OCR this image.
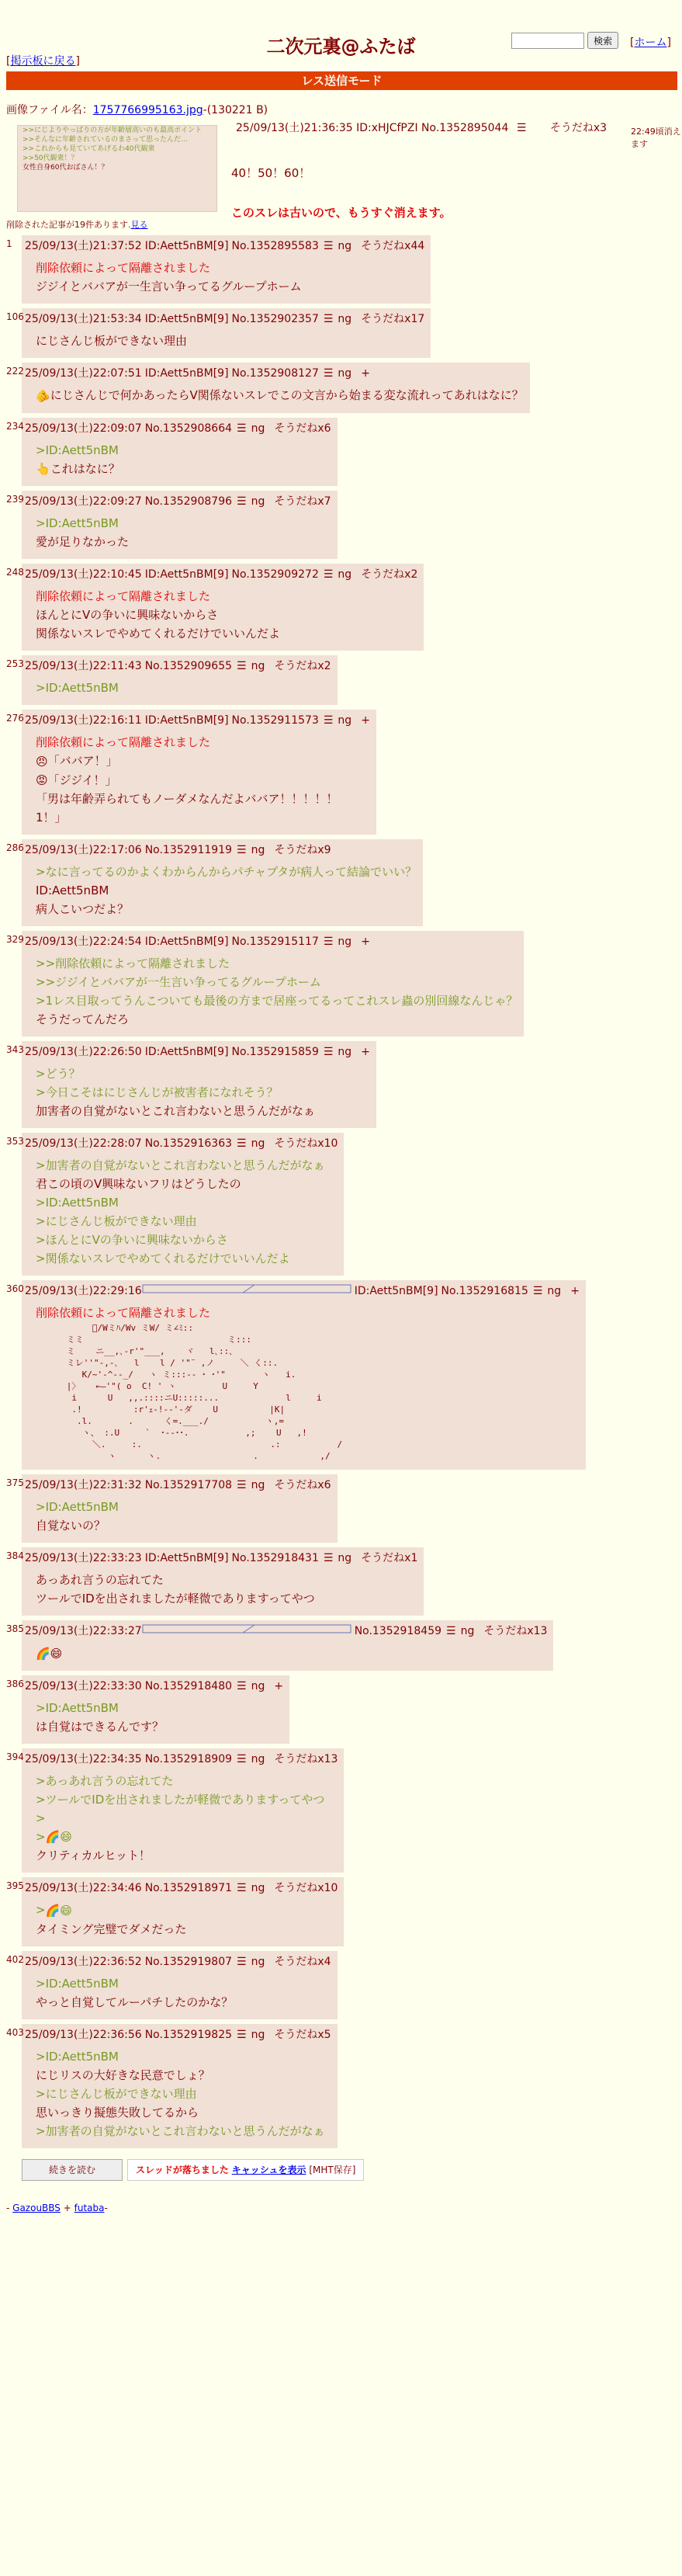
二次元裏@ふたば	検索	[ホーム]
[掲示板に戻る]
レス送信モード
画像ファイル名：1757766995163.jpg-(130221 B)
>>にじよりやっぱりの方が年齢層高いのも最高ポイント
>>そんなに年齢されているのまさって思ったんだ…
>>これからも見ていてあげるわ40代観衆
>>50代観衆！？
女性自身60代おばさん！？
25/09/13(土)21:36:35 ID:xHJCfPZI No.1352895044 ☰ そうだねx3	22:49頃消えます
40！50！60！
このスレは古いので、もうすぐ消えます。
削除された記事が19件あります.見る
1 25/09/13(土)21:37:52 ID:Aett5nBM[9] No.1352895583 ☰ ng そうだねx44
削除依頼によって隔離されました
ジジイとババアが一生言い争ってるグループホーム
106 25/09/13(土)21:53:34 ID:Aett5nBM[9] No.1352902357 ☰ ng そうだねx17
にじさんじ板ができない理由
222 25/09/13(土)22:07:51 ID:Aett5nBM[9] No.1352908127 ☰ ng +
🫵にじさんじで何かあったらV関係ないスレでこの文言から始まる変な流れってあれはなに？
234 25/09/13(土)22:09:07 No.1352908664 ☰ ng そうだねx6
>ID:Aett5nBM
👆これはなに？
239 25/09/13(土)22:09:27 No.1352908796 ☰ ng そうだねx7
>ID:Aett5nBM
愛が足りなかった
248 25/09/13(土)22:10:45 ID:Aett5nBM[9] No.1352909272 ☰ ng そうだねx2
削除依頼によって隔離されました
ほんとにVの争いに興味ないからさ
関係ないスレでやめてくれるだけでいいんだよ
253 25/09/13(土)22:11:43 No.1352909655 ☰ ng そうだねx2
>ID:Aett5nBM
276 25/09/13(土)22:16:11 ID:Aett5nBM[9] No.1352911573 ☰ ng +
削除依頼によって隔離されました
😠「ババア！」
😡「ジジイ！」
「男は年齢弄られてもノーダメなんだよババア！！！！！
1！」
286 25/09/13(土)22:17:06 No.1352911919 ☰ ng そうだねx9
>なに言ってるのかよくわからんからパチャプタが病人って結論でいい？
ID:Aett5nBM
病人こいつだよ？
329 25/09/13(土)22:24:54 ID:Aett5nBM[9] No.1352915117 ☰ ng +
>>削除依頼によって隔離されました
>>ジジイとババアが一生言い争ってるグループホーム
>1レス目取ってうんこついても最後の方まで居座ってるってこれスレ蟲の別回線なんじゃ？
そうだってんだろ
343 25/09/13(土)22:26:50 ID:Aett5nBM[9] No.1352915859 ☰ ng +
>どう？
>今日こそはにじさんじが被害者になれそう？
加害者の自覚がないとこれ言わないと思うんだがなぁ
353 25/09/13(土)22:28:07 No.1352916363 ☰ ng そうだねx10
>加害者の自覚がないとこれ言わないと思うんだがなぁ
君この頃のV興味ないフリはどうしたの
>ID:Aett5nBM
>にじさんじ板ができない理由
>ほんとにVの争いに興味ないからさ
>関係ないスレでやめてくれるだけでいいんだよ
360 25/09/13(土)22:29:16	ID:Aett5nBM[9] No.1352916815 ☰ ng +
削除依頼によって隔離されました
ﾞ/Wミﾊ/Wv ミW/ ミ∠ﾐ::
ミミ                            ミ:::
ミ    ニ__,､-r'"___,    ヾ   l､::､
ミレ''"-,-､   l    l / '"¨ ,ノ     ＼ く::.
K/~'-^--_/   ヽ ミ:::-- ･ ･'"       ヽ   i.
|〉   ←―'"( o  C! ' ヽ         U     Y
i      U   ,,.::::ニU:::::...             l     i
.!          :r'ｪ-!--'-ダ    U          |K|
.l.       .      く=.___./           ヽ,=
ヽ、 :.U     `  ･--･･.           ,;    U   ,!
＼.     :.                         .:           /
ヽ      ヽ.                  .            ,/
375 25/09/13(土)22:31:32 No.1352917708 ☰ ng そうだねx6
>ID:Aett5nBM
自覚ないの？
384 25/09/13(土)22:33:23 ID:Aett5nBM[9] No.1352918431 ☰ ng そうだねx1
あっあれ言うの忘れてた
ツールでIDを出されましたが軽微でありますってやつ
385 25/09/13(土)22:33:27	No.1352918459 ☰ ng そうだねx13
🌈😄
386 25/09/13(土)22:33:30 No.1352918480 ☰ ng +
>ID:Aett5nBM
は自覚はできるんです？
394 25/09/13(土)22:34:35 No.1352918909 ☰ ng そうだねx13
>あっあれ言うの忘れてた
>ツールでIDを出されましたが軽微でありますってやつ
>
>🌈😄
クリティカルヒット！
395 25/09/13(土)22:34:46 No.1352918971 ☰ ng そうだねx10
>🌈😄
タイミング完璧でダメだった
402 25/09/13(土)22:36:52 No.1352919807 ☰ ng そうだねx4
>ID:Aett5nBM
やっと自覚してルーパチしたのかな？
403 25/09/13(土)22:36:56 No.1352919825 ☰ ng そうだねx5
>ID:Aett5nBM
にじリスの大好きな民意でしょ？
>にじさんじ板ができない理由
思いっきり擬態失敗してるから
>加害者の自覚がないとこれ言わないと思うんだがなぁ
続きを読む	スレッドが落ちました キャッシュを表示 [MHT保存]
- GazouBBS + futaba-
